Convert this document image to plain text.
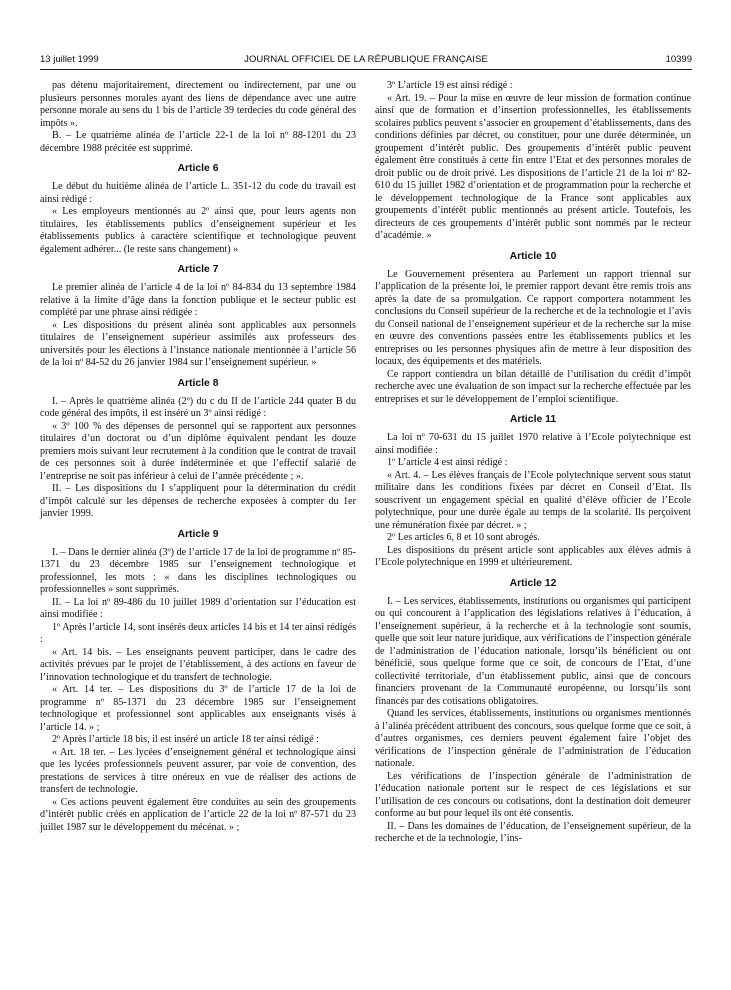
13 juillet 1999	JOURNAL OFFICIEL DE LA RÉPUBLIQUE FRANÇAISE	10399

pas détenu majoritairement, directement ou indirectement, par une ou plusieurs personnes morales ayant des liens de dépendance avec une autre personne morale au sens du 1 bis de l’article 39 terdecies du code général des impôts ».

B. – Le quatrième alinéa de l’article 22-1 de la loi nº 88-1201 du 23 décembre 1988 précitée est supprimé.

Article 6

Le début du huitième alinéa de l’article L. 351-12 du code du travail est ainsi rédigé :

« Les employeurs mentionnés au 2º ainsi que, pour leurs agents non titulaires, les établissements publics d’enseignement supérieur et les établissements publics à caractère scientifique et technologique peuvent également adhérer... (le reste sans changement) »

Article 7

Le premier alinéa de l’article 4 de la loi nº 84-834 du 13 septembre 1984 relative à la limite d’âge dans la fonction publique et le secteur public est complété par une phrase ainsi rédigée :

« Les dispositions du présent alinéa sont applicables aux personnels titulaires de l’enseignement supérieur assimilés aux professeurs des universités pour les élections à l’instance nationale mentionnée à l’article 56 de la loi nº 84-52 du 26 janvier 1984 sur l’enseignement supérieur. »

Article 8

I. – Après le quatrième alinéa (2º) du c du II de l’article 244 quater B du code général des impôts, il est inséré un 3º ainsi rédigé :

« 3º 100 % des dépenses de personnel qui se rapportent aux personnes titulaires d’un doctorat ou d’un diplôme équivalent pendant les douze premiers mois suivant leur recrutement à la condition que le contrat de travail de ces personnes soit à durée indéterminée et que l’effectif salarié de l’entreprise ne soit pas inférieur à celui de l’année précédente ; ».

II. – Les dispositions du I s’appliquent pour la détermination du crédit d’impôt calculé sur les dépenses de recherche exposées à compter du 1er janvier 1999.

Article 9

I. – Dans le dernier alinéa (3º) de l’article 17 de la loi de programme nº 85-1371 du 23 décembre 1985 sur l’enseignement technologique et professionnel, les mots : « dans les disciplines technologiques ou professionnelles » sont supprimés.

II. – La loi nº 89-486 du 10 juillet 1989 d’orientation sur l’éducation est ainsi modifiée :

1º Après l’article 14, sont insérés deux articles 14 bis et 14 ter ainsi rédigés :

« Art. 14 bis. – Les enseignants peuvent participer, dans le cadre des activités prévues par le projet de l’établissement, à des actions en faveur de l’innovation technologique et du transfert de technologie.

« Art. 14 ter. – Les dispositions du 3º de l’article 17 de la loi de programme nº 85-1371 du 23 décembre 1985 sur l’enseignement technologique et professionnel sont applicables aux enseignants visés à l’article 14. » ;

2º Après l’article 18 bis, il est inséré un article 18 ter ainsi rédigé :

« Art. 18 ter. – Les lycées d’enseignement général et technologique ainsi que les lycées professionnels peuvent assurer, par voie de convention, des prestations de services à titre onéreux en vue de réaliser des actions de transfert de technologie.

« Ces actions peuvent également être conduites au sein des groupements d’intérêt public créés en application de l’article 22 de la loi nº 87-571 du 23 juillet 1987 sur le développement du mécénat. » ;

3º L’article 19 est ainsi rédigé :

« Art. 19. – Pour la mise en œuvre de leur mission de formation continue ainsi que de formation et d’insertion professionnelles, les établissements scolaires publics peuvent s’associer en groupement d’établissements, dans des conditions définies par décret, ou constituer, pour une durée déterminée, un groupement d’intérêt public. Des groupements d’intérêt public peuvent également être constitués à cette fin entre l’Etat et des personnes morales de droit public ou de droit privé. Les dispositions de l’article 21 de la loi nº 82-610 du 15 juillet 1982 d’orientation et de programmation pour la recherche et le développement technologique de la France sont applicables aux groupements d’intérêt public mentionnés au présent article. Toutefois, les directeurs de ces groupements d’intérêt public sont nommés par le recteur d’académie. »

Article 10

Le Gouvernement présentera au Parlement un rapport triennal sur l’application de la présente loi, le premier rapport devant être remis trois ans après la date de sa promulgation. Ce rapport comportera notamment les conclusions du Conseil supérieur de la recherche et de la technologie et l’avis du Conseil national de l’enseignement supérieur et de la recherche sur la mise en œuvre des conventions passées entre les établissements publics et les entreprises ou les personnes physiques afin de mettre à leur disposition des locaux, des équipements et des matériels.

Ce rapport contiendra un bilan détaillé de l’utilisation du crédit d’impôt recherche avec une évaluation de son impact sur la recherche effectuée par les entreprises et sur le développement de l’emploi scientifique.

Article 11

La loi nº 70-631 du 15 juillet 1970 relative à l’Ecole polytechnique est ainsi modifiée :

1º L’article 4 est ainsi rédigé :

« Art. 4. – Les élèves français de l’Ecole polytechnique servent sous statut militaire dans les conditions fixées par décret en Conseil d’Etat. Ils souscrivent un engagement spécial en qualité d’élève officier de l’Ecole polytechnique, pour une durée égale au temps de la scolarité. Ils perçoivent une rémunération fixée par décret. » ;

2º Les articles 6, 8 et 10 sont abrogés.

Les dispositions du présent article sont applicables aux élèves admis à l’Ecole polytechnique en 1999 et ultérieurement.

Article 12

I. – Les services, établissements, institutions ou organismes qui participent ou qui concourent à l’application des législations relatives à l’éducation, à l’enseignement supérieur, à la recherche et à la technologie sont soumis, quelle que soit leur nature juridique, aux vérifications de l’inspection générale de l’administration de l’éducation nationale, lorsqu’ils bénéficient ou ont bénéficié, sous quelque forme que ce soit, de concours de l’Etat, d’une collectivité territoriale, d’un établissement public, ainsi que de concours financiers provenant de la Communauté européenne, ou lorsqu’ils sont financés par des cotisations obligatoires.

Quand les services, établissements, institutions ou organismes mentionnés à l’alinéa précédent attribuent des concours, sous quelque forme que ce soit, à d’autres organismes, ces derniers peuvent également faire l’objet des vérifications de l’inspection générale de l’administration de l’éducation nationale.

Les vérifications de l’inspection générale de l’administration de l’éducation nationale portent sur le respect de ces législations et sur l’utilisation de ces concours ou cotisations, dont la destination doit demeurer conforme au but pour lequel ils ont été consentis.

II. – Dans les domaines de l’éducation, de l’enseignement supérieur, de la recherche et de la technologie, l’ins-
